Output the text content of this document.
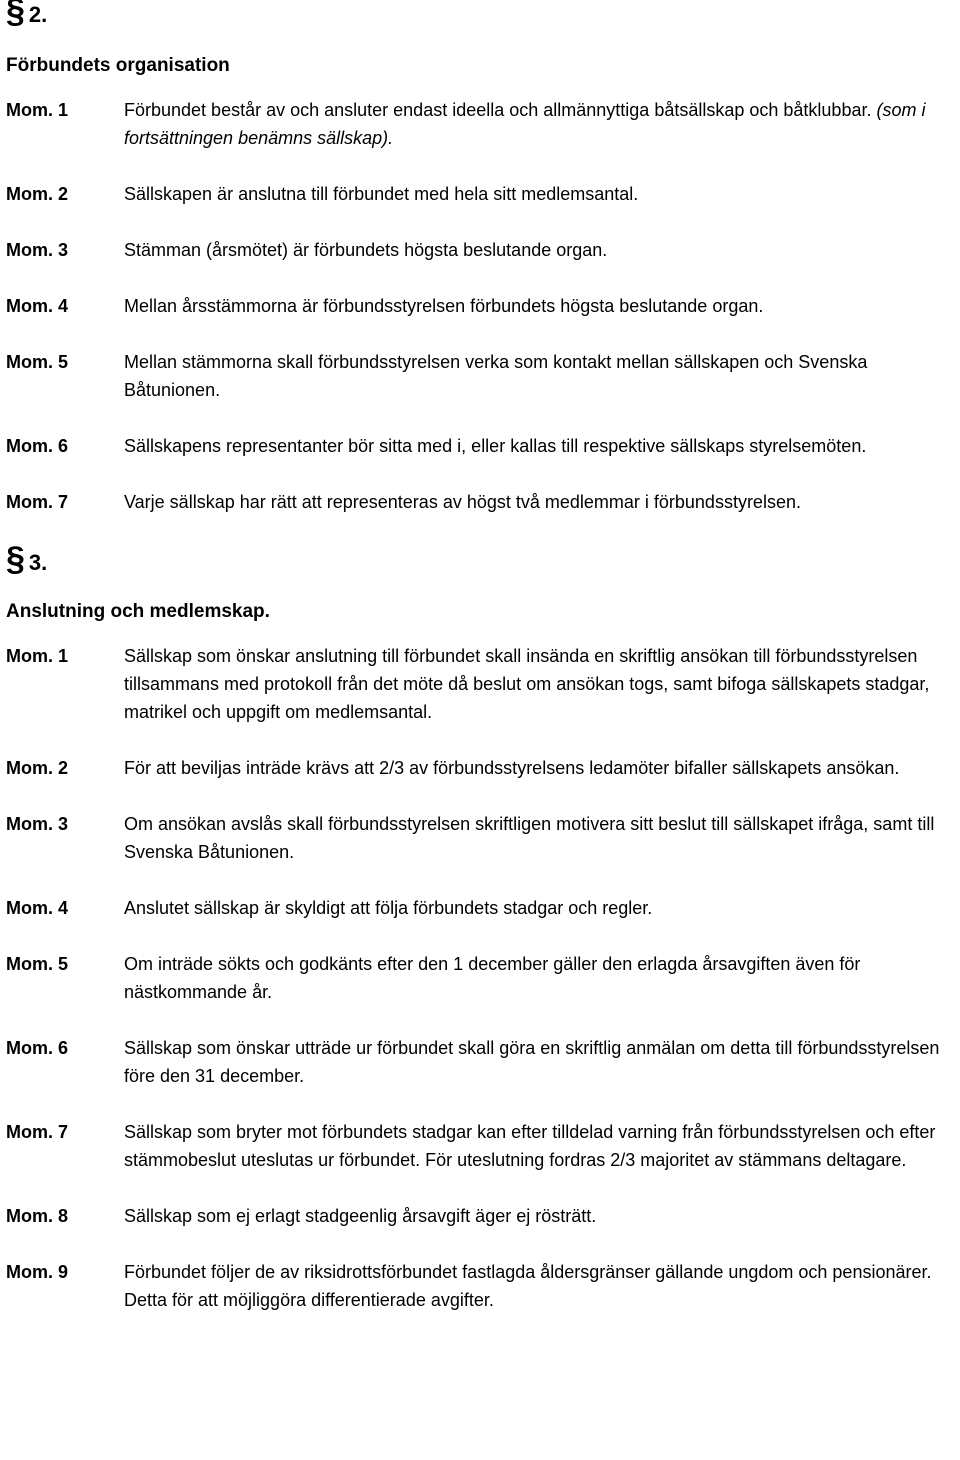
§ 2.
Förbundets organisation
Mom. 1	Förbundet består av och ansluter endast ideella och allmännyttiga båtsällskap och båtklubbar. (som i fortsättningen benämns sällskap).
Mom. 2	Sällskapen är anslutna till förbundet med hela sitt medlemsantal.
Mom. 3	Stämman (årsmötet) är förbundets högsta beslutande organ.
Mom. 4	Mellan årsstämmorna är förbundsstyrelsen förbundets högsta beslutande organ.
Mom. 5	Mellan stämmorna skall förbundsstyrelsen verka som kontakt mellan sällskapen och Svenska Båtunionen.
Mom. 6	Sällskapens representanter bör sitta med i, eller kallas till respektive sällskaps styrelsemöten.
Mom. 7	Varje sällskap har rätt att representeras av högst två medlemmar i förbundsstyrelsen.
§ 3.
Anslutning och medlemskap.
Mom. 1	Sällskap som önskar anslutning till förbundet skall insända en skriftlig ansökan till förbundsstyrelsen tillsammans med protokoll från det möte då beslut om ansökan togs, samt bifoga sällskapets stadgar, matrikel och uppgift om medlemsantal.
Mom. 2	För att beviljas inträde krävs att 2/3 av förbundsstyrelsens ledamöter bifaller sällskapets ansökan.
Mom. 3	Om ansökan avslås skall förbundsstyrelsen skriftligen motivera sitt beslut till sällskapet ifråga, samt till Svenska Båtunionen.
Mom. 4	Anslutet sällskap är skyldigt att följa förbundets stadgar och regler.
Mom. 5	Om inträde sökts och godkänts efter den 1 december gäller den erlagda årsavgiften även för nästkommande år.
Mom. 6	Sällskap som önskar utträde ur förbundet skall göra en skriftlig anmälan om detta till förbundsstyrelsen före den 31 december.
Mom. 7	Sällskap som bryter mot förbundets stadgar kan efter tilldelad varning från förbundsstyrelsen och efter stämmobeslut uteslutas ur förbundet. För uteslutning fordras 2/3 majoritet av stämmans deltagare.
Mom. 8	Sällskap som ej erlagt stadgeenlig årsavgift äger ej rösträtt.
Mom. 9	Förbundet följer de av riksidrottsförbundet fastlagda åldersgränser gällande ungdom och pensionärer. Detta för att möjliggöra differentierade avgifter.
